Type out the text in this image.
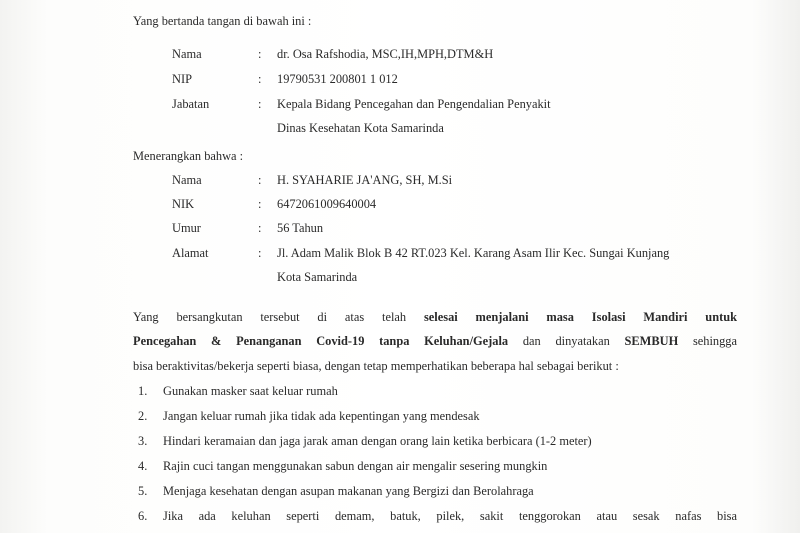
Yang bertanda tangan di bawah ini :
Nama	: dr. Osa Rafshodia, MSC,IH,MPH,DTM&H
NIP	: 19790531 200801 1 012
Jabatan	: Kepala Bidang Pencegahan dan Pengendalian Penyakit
Dinas Kesehatan Kota Samarinda
Menerangkan bahwa :
Nama	: H. SYAHARIE JA'ANG, SH, M.Si
NIK	: 6472061009640004
Umur	: 56 Tahun
Alamat	: Jl. Adam Malik Blok B 42 RT.023 Kel. Karang Asam Ilir Kec. Sungai Kunjang
Kota Samarinda
Yang bersangkutan tersebut di atas telah selesai menjalani masa Isolasi Mandiri untuk
Pencegahan & Penanganan Covid-19 tanpa Keluhan/Gejala dan dinyatakan SEMBUH sehingga
bisa beraktivitas/bekerja seperti biasa, dengan tetap memperhatikan beberapa hal sebagai berikut :
1. Gunakan masker saat keluar rumah
2. Jangan keluar rumah jika tidak ada kepentingan yang mendesak
3. Hindari keramaian dan jaga jarak aman dengan orang lain ketika berbicara (1-2 meter)
4. Rajin cuci tangan menggunakan sabun dengan air mengalir sesering mungkin
5. Menjaga kesehatan dengan asupan makanan yang Bergizi dan Berolahraga
6. Jika ada keluhan seperti demam, batuk, pilek, sakit tenggorokan atau sesak nafas bisa
